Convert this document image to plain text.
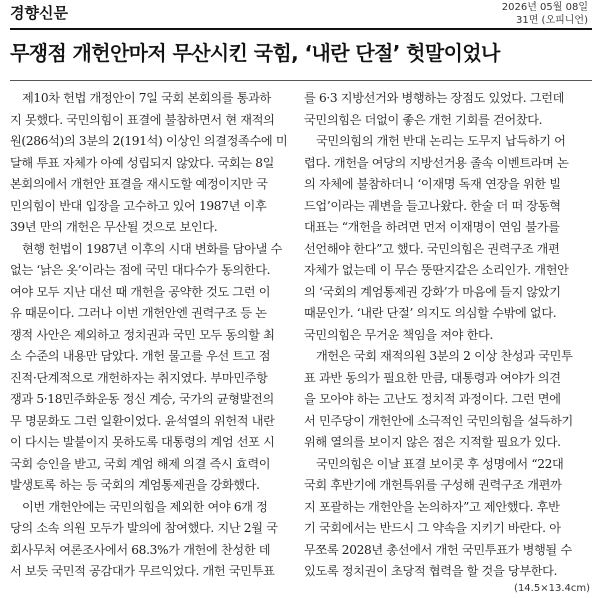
경향신문	2026년 05월 08일
31면 (오피니언)
무쟁점 개헌안마저 무산시킨 국힘, ‘내란 단절’ 헛말이었나
제10차 헌법 개정안이 7일 국회 본회의를 통과하
지 못했다. 국민의힘이 표결에 불참하면서 현 재적의
원(286석)의 3분의 2(191석) 이상인 의결정족수에 미
달해 투표 자체가 아예 성립되지 않았다. 국회는 8일
본회의에서 개헌안 표결을 재시도할 예정이지만 국
민의힘이 반대 입장을 고수하고 있어 1987년 이후
39년 만의 개헌은 무산될 것으로 보인다.
현행 헌법이 1987년 이후의 시대 변화를 담아낼 수
없는 ‘낡은 옷’이라는 점에 국민 대다수가 동의한다.
여야 모두 지난 대선 때 개헌을 공약한 것도 그런 이
유 때문이다. 그러나 이번 개헌안엔 권력구조 등 논
쟁적 사안은 제외하고 정치권과 국민 모두 동의할 최
소 수준의 내용만 담았다. 개헌 물고를 우선 트고 점
진적·단계적으로 개헌하자는 취지였다. 부마민주항
쟁과 5·18민주화운동 정신 계승, 국가의 균형발전의
무 명문화도 그런 일환이었다. 윤석열의 위헌적 내란
이 다시는 발붙이지 못하도록 대통령의 계엄 선포 시
국회 승인을 받고, 국회 계엄 해제 의결 즉시 효력이
발생토록 하는 등 국회의 계엄통제권을 강화했다.
이번 개헌안에는 국민의힘을 제외한 여야 6개 정
당의 소속 의원 모두가 발의에 참여했다. 지난 2월 국
회사무처 여론조사에서 68.3%가 개헌에 찬성한 데
서 보듯 국민적 공감대가 무르익었다. 개헌 국민투표
를 6·3 지방선거와 병행하는 장점도 있었다. 그런데
국민의힘은 더없이 좋은 개헌 기회를 걷어찼다.
국민의힘의 개헌 반대 논리는 도무지 납득하기 어
렵다. 개헌을 여당의 지방선거용 졸속 이벤트라며 논
의 자체에 불참하더니 ‘이재명 독재 연장을 위한 빌
드업’이라는 궤변을 들고나왔다. 한술 더 떠 장동혁
대표는 “개헌을 하려면 먼저 이재명이 연임 불가를
선언해야 한다”고 했다. 국민의힘은 권력구조 개편
자체가 없는데 이 무슨 뚱딴지같은 소리인가. 개헌안
의 ‘국회의 계엄통제권 강화’가 마음에 들지 않았기
때문인가. ‘내란 단절’ 의지도 의심할 수밖에 없다.
국민의힘은 무거운 책임을 져야 한다.
개헌은 국회 재적의원 3분의 2 이상 찬성과 국민투
표 과반 동의가 필요한 만큼, 대통령과 여야가 의견
을 모아야 하는 고난도 정치적 과정이다. 그런 면에
서 민주당이 개헌안에 소극적인 국민의힘을 설득하기
위해 열의를 보이지 않은 점은 지적할 필요가 있다.
국민의힘은 이날 표결 보이콧 후 성명에서 “22대
국회 후반기에 개헌특위를 구성해 권력구조 개편까
지 포괄하는 개헌안을 논의하자”고 제안했다. 후반
기 국회에서는 반드시 그 약속을 지키기 바란다. 아
무쪼록 2028년 총선에서 개헌 국민투표가 병행될 수
있도록 정치권이 초당적 협력을 할 것을 당부한다.
(14.5×13.4cm)
